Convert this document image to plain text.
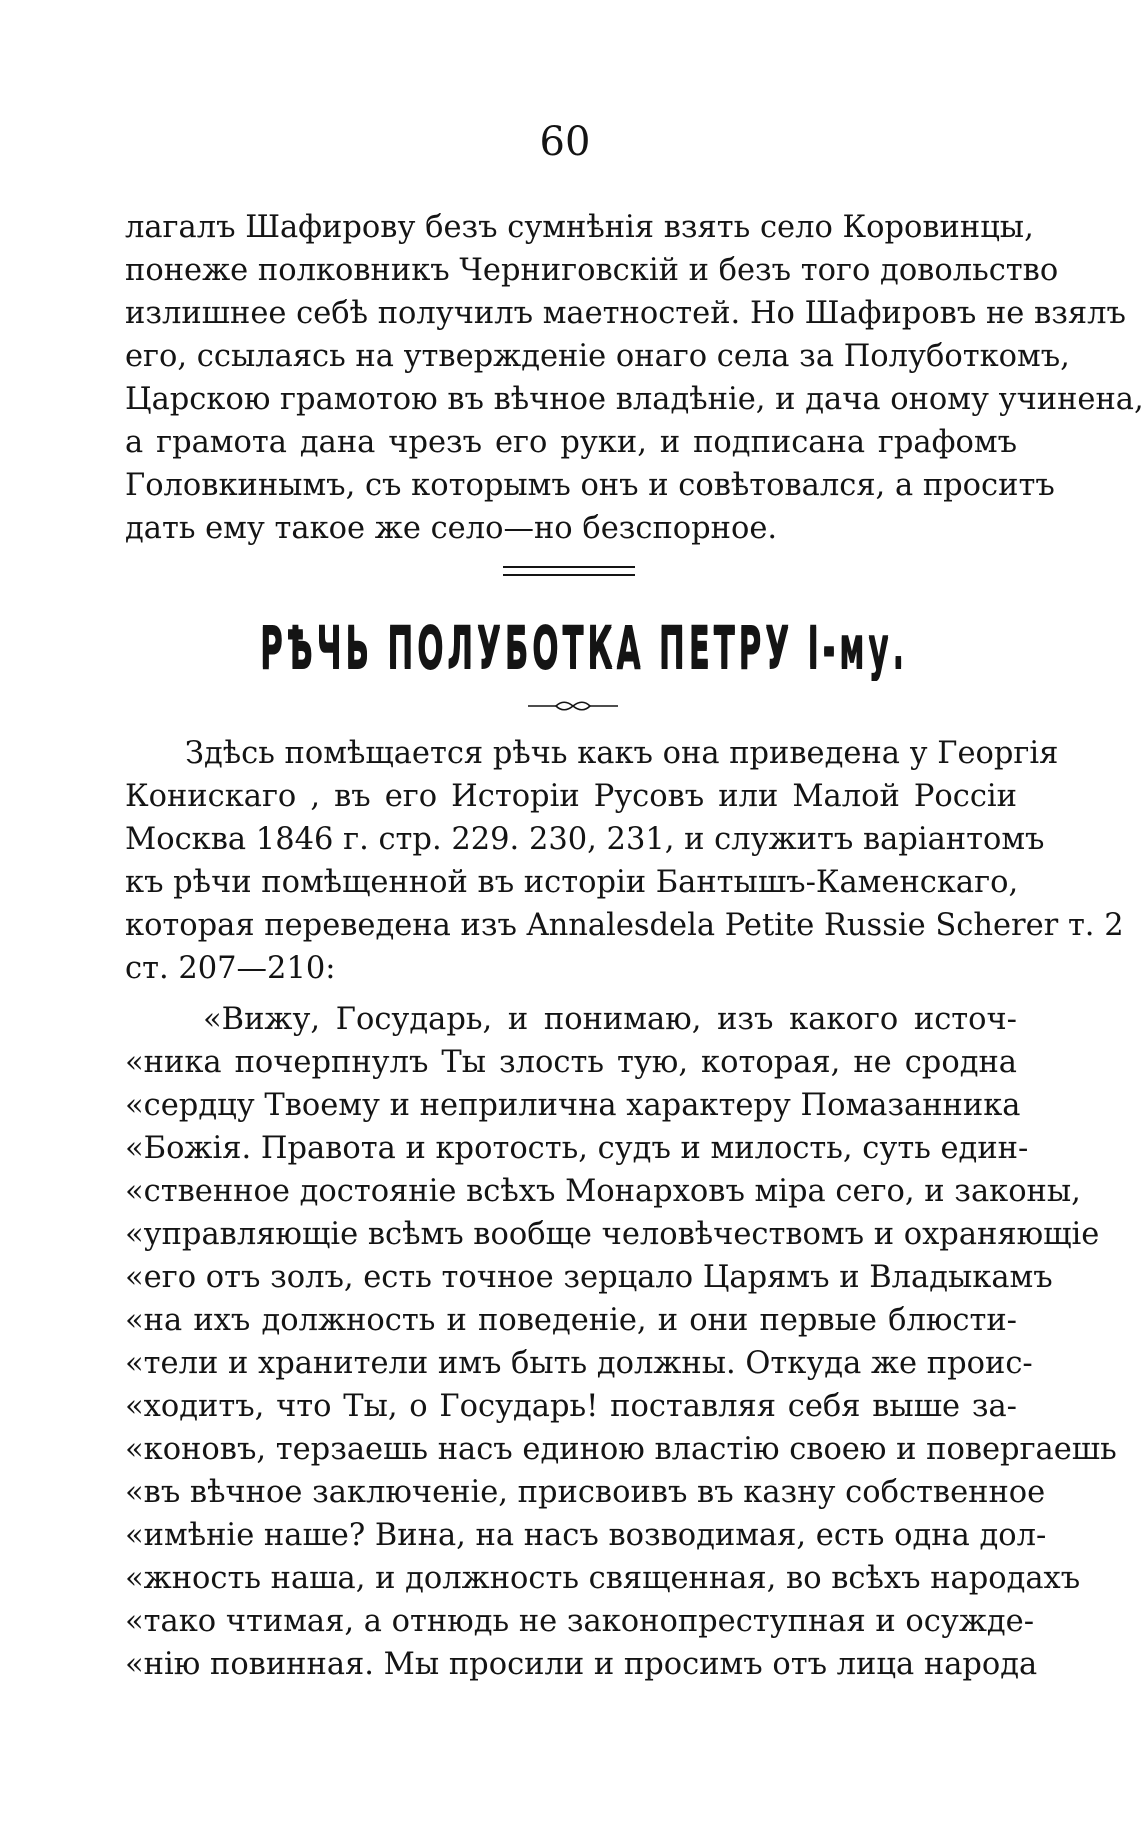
60
лагалъ Шафирову безъ сумнѣнія взять село Коровинцы,
понеже полковникъ Черниговскій и безъ того довольство
излишнее себѣ получилъ маетностей. Но Шафировъ не взялъ
его, ссылаясь на утвержденіе онаго села за Полуботкомъ,
Царскою грамотою въ вѣчное владѣніе, и дача оному учинена,
а грамота дана чрезъ его руки, и подписана графомъ
Головкинымъ, съ которымъ онъ и совѣтовался, а проситъ
дать ему такое же село—но безспорное.
РѢЧЬ ПОЛУБОТКА ПЕТРУ I-му.
Здѣсь помѣщается рѣчь какъ она приведена у Георгія
Конискаго , въ его Исторіи Русовъ или Малой Россіи
Москва 1846 г. стр. 229. 230, 231, и служитъ варіантомъ
къ рѣчи помѣщенной въ исторіи Бантышъ-Каменскаго,
которая переведена изъ Annalesdela Petite Russie Scherer т. 2
ст. 207—210:
«Вижу, Государь, и понимаю, изъ какого источ-
«ника почерпнулъ Ты злость тую, которая, не сродна
«сердцу Твоему и неприлична характеру Помазанника
«Божія. Правота и кротость, судъ и милость, суть един-
«ственное достояніе всѣхъ Монарховъ міра сего, и законы,
«управляющіе всѣмъ вообще человѣчествомъ и охраняющіе
«его отъ золъ, есть точное зерцало Царямъ и Владыкамъ
«на ихъ должность и поведеніе, и они первые блюсти-
«тели и хранители имъ быть должны. Откуда же проис-
«ходитъ, что Ты, о Государь! поставляя себя выше за-
«коновъ, терзаешь насъ единою властію своею и повергаешь
«въ вѣчное заключеніе, присвоивъ въ казну собственное
«имѣніе наше? Вина, на насъ возводимая, есть одна дол-
«жность наша, и должность священная, во всѣхъ народахъ
«тако чтимая, а отнюдь не законопреступная и осужде-
«нію повинная. Мы просили и просимъ отъ лица народа
